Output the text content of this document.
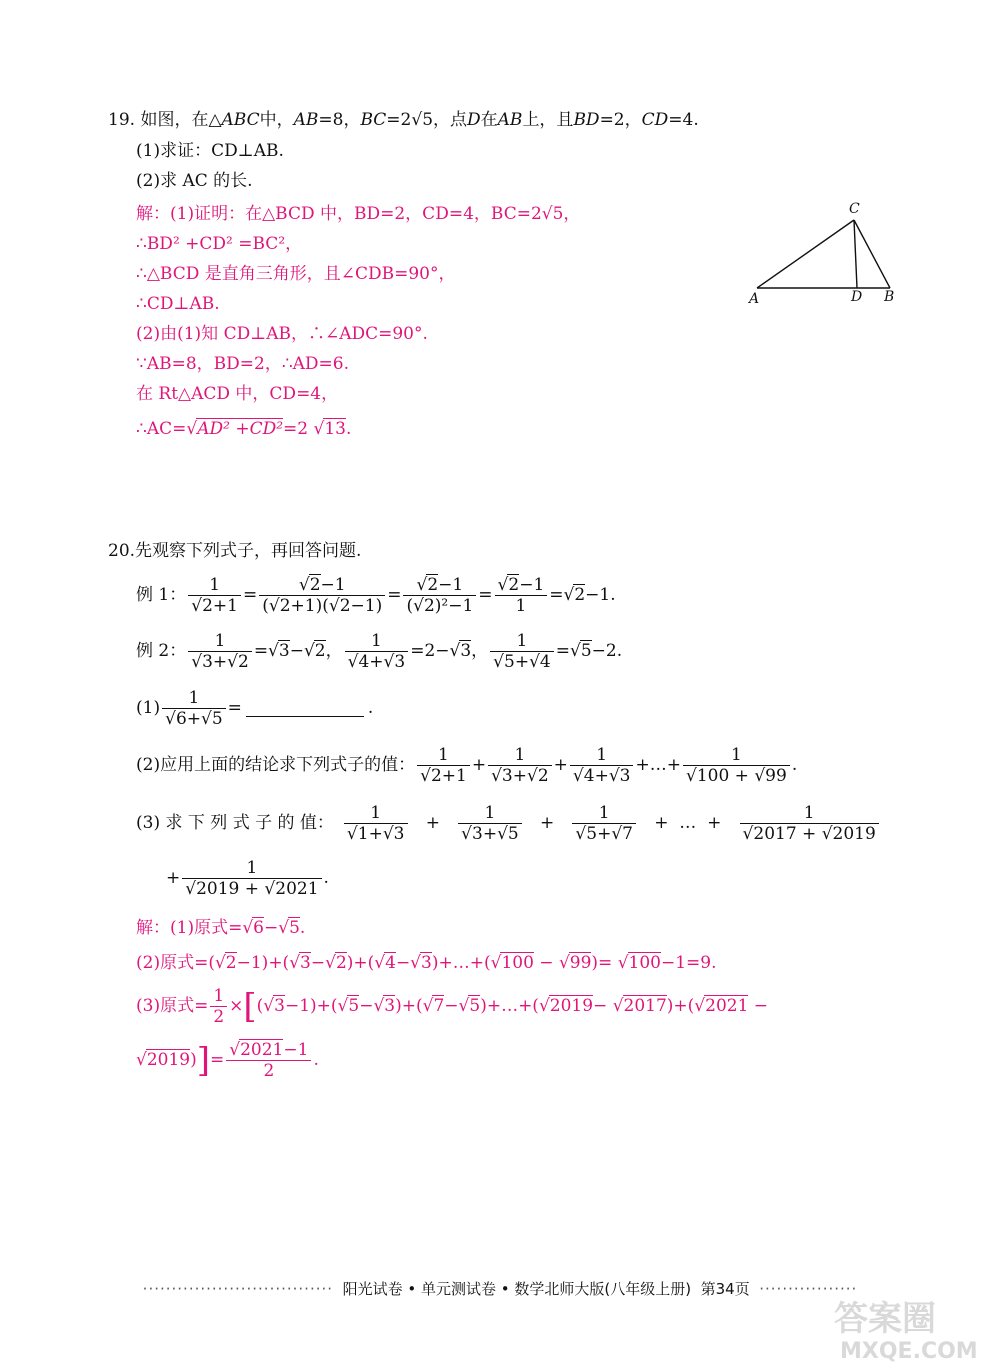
19. 如图，在△ABC中，AB=8，BC=2√5，点D在AB上，且BD=2，CD=4.
(1)求证：CD⊥AB.
(2)求 AC 的长.
解：(1)证明：在△BCD 中，BD=2，CD=4，BC=2√5，
∴BD² +CD² =BC²，
∴△BCD 是直角三角形，且∠CDB=90°，
∴CD⊥AB.
(2)由(1)知 CD⊥AB，∴∠ADC=90°.
∵AB=8，BD=2，∴AD=6.
在 Rt△ACD 中，CD=4，
∴AC=√AD² +CD²=2 √13.
C
A	D B
20.先观察下列式子，再回答问题.
例 1： $\frac{1}{√2+1} = \frac{√2-1}{(√2+1)(√2-1)} = \frac{√2-1}{\text{(√2)²−1}} = \frac{√2-1}{1} =√2-1$.
例 2： $\frac{1}{√3+√2} =√3-√2$， $\frac{1}{√4+√3} =2-√3$， $\frac{1}{√5+√4} =√5-2$.
$(1) \frac{1}{√6+√5}$ =	.
(2)应用上面的结论求下列式子的值： $\frac{1}{√2+1} + \frac{1}{√3+√2} + \frac{1}{√4+√3}$ +…+ $\frac{1}{√100 + √99}$ .
(3) 求 下 列 式 子 的 值： $\frac{1}{√1+√3} + \frac{1}{√3+√5} + \frac{1}{√5+√7}$ +  …  + $\frac{1}{√2017 + √2019}$
+ $\frac{1}{√2019 + √2021}$ .
解：(1)原式=√6−√5.
(2)原式=(√2−1)+(√3−√2)+(√4−√3)+…+(√100 − √99)= √100−1=9.
(3)原式= $\frac{1}{2}$ ×[(√3−1)+(√5−√3)+(√7−√5)+…+(√2019− √2017)+(√2021 −
$√2019)]= \frac{√2021-1}{2}$ .
································· 阳光试卷 • 单元测试卷 • 数学北师大版(八年级上册) 第34页 ·················
答案圈
MXQE.COM
